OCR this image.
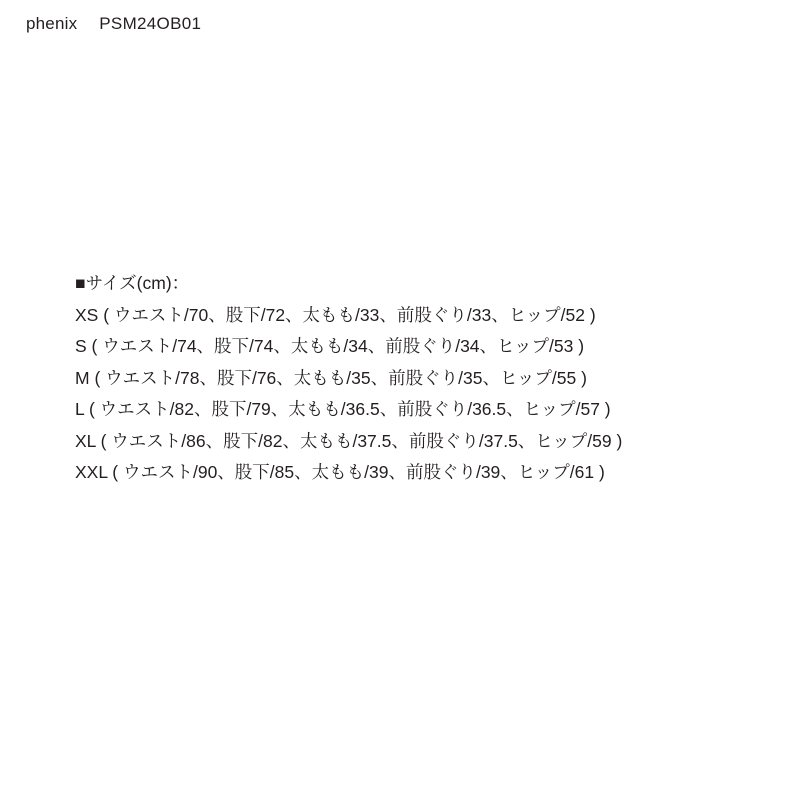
phenix PSM24OB01
■サイズ(cm)：
XS ( ウエスト/70、股下/72、太もも/33、前股ぐり/33、ヒップ/52 )
S ( ウエスト/74、股下/74、太もも/34、前股ぐり/34、ヒップ/53 )
M ( ウエスト/78、股下/76、太もも/35、前股ぐり/35、ヒップ/55 )
L ( ウエスト/82、股下/79、太もも/36.5、前股ぐり/36.5、ヒップ/57 )
XL ( ウエスト/86、股下/82、太もも/37.5、前股ぐり/37.5、ヒップ/59 )
XXL ( ウエスト/90、股下/85、太もも/39、前股ぐり/39、ヒップ/61 )
